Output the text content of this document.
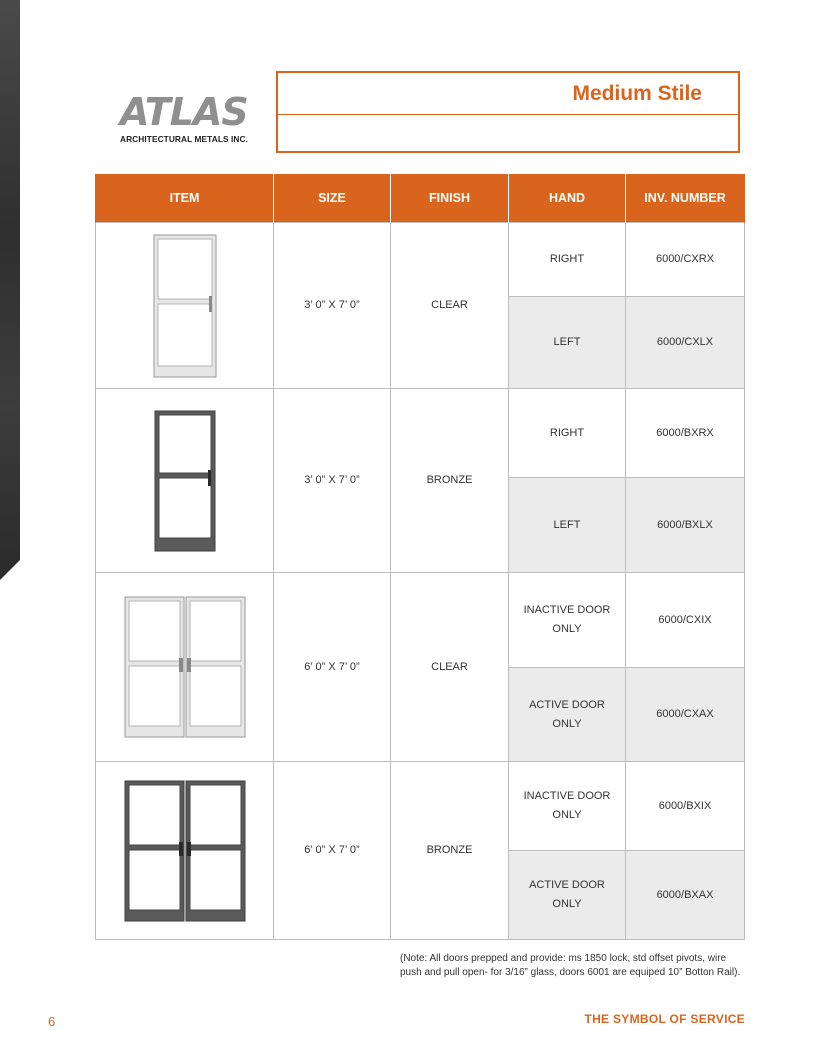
ATLAS
ARCHITECTURAL METALS INC.
Medium Stile
ITEM	SIZE	FINISH	HAND	INV. NUMBER

	3’ 0” X 7’ 0”	CLEAR	RIGHT	6000/CXRX
			LEFT	6000/CXLX

	3’ 0” X 7’ 0”	BRONZE	RIGHT	6000/BXRX
			LEFT	6000/BXLX

	6’ 0” X 7’ 0”	CLEAR	INACTIVE DOOR ONLY	6000/CXIX
			ACTIVE DOOR ONLY	6000/CXAX

	6’ 0” X 7’ 0”	BRONZE	INACTIVE DOOR ONLY	6000/BXIX
			ACTIVE DOOR ONLY	6000/BXAX
(Note: All doors prepped and provide: ms 1850 lock, std offset pivots, wire push and pull open- for 3/16” glass, doors 6001 are equiped 10” Botton Rail).
6	THE SYMBOL OF SERVICE
